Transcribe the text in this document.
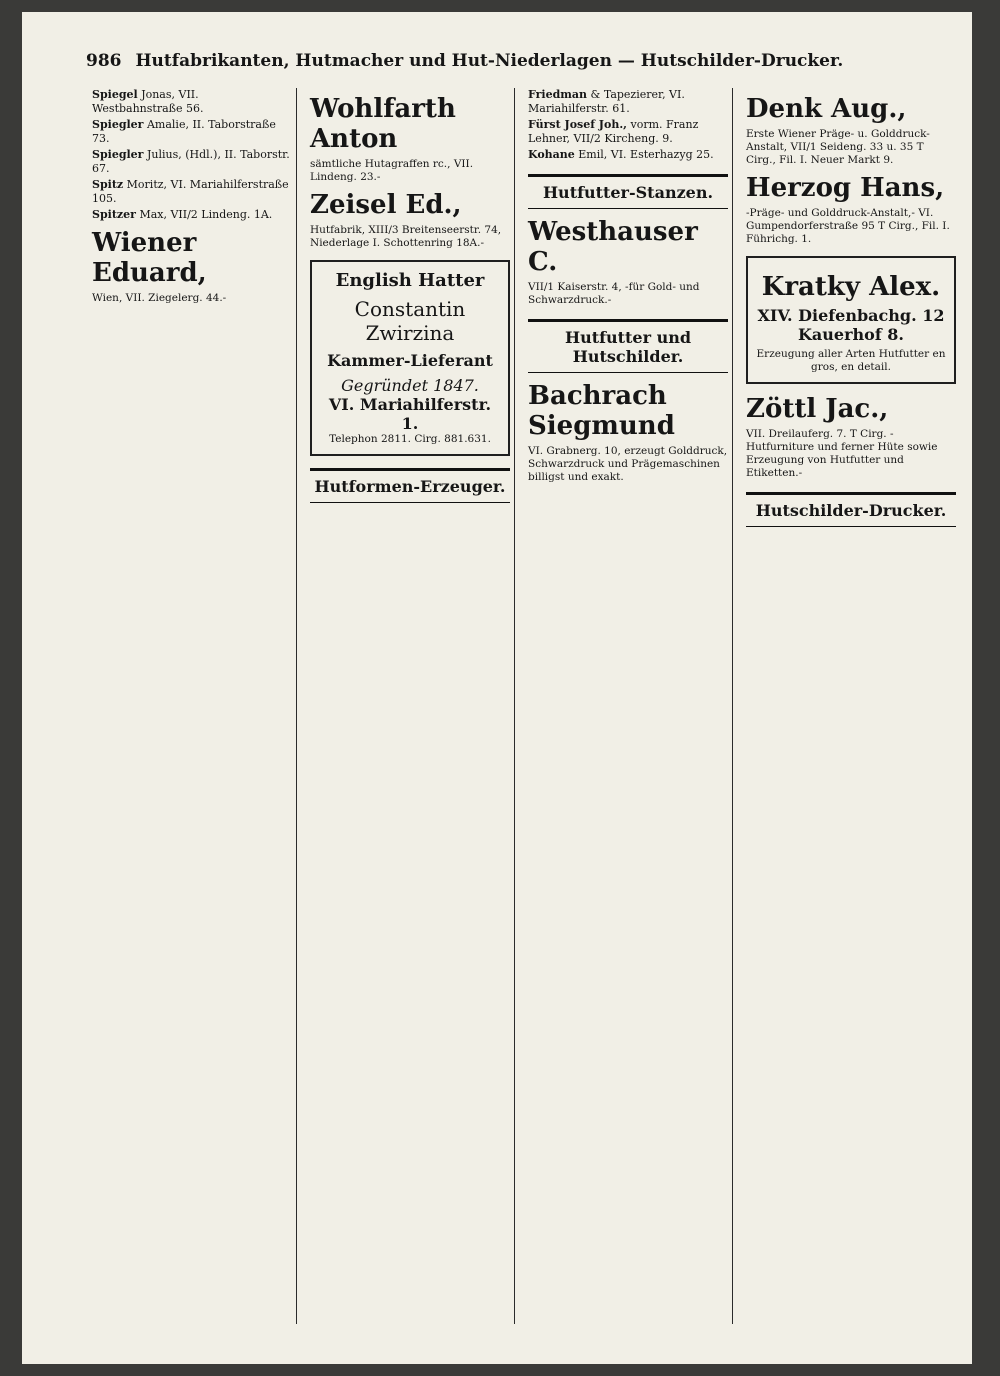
986 Hutfabrikanten, Hutmacher und Hut-Niederlagen — Hutschilder-Drucker.
Spiegel Jonas, VII. Westbahnstraße 56.
Spiegler Amalie, II. Taborstraße 73.
Spiegler Julius, (Hdl.), II. Taborstr. 67.
Spitz Moritz, VI. Mariahilferstraße 105.
Spitzer Max, VII/2 Lindeng. 1A.
Wiener Eduard,
Wien, VII. Ziegelerg. 44.-
Wohlfarth Anton
sämtliche Hutagraffen rc., VII. Lindeng. 23.-
Zeisel Ed.,
Hutfabrik, XIII/3 Breitenseerstr. 74, Niederlage I. Schottenring 18A.-
English Hatter
Constantin Zwirzina
Kammer-Lieferant
Gegründet 1847.
VI. Mariahilferstr. 1.
Telephon 2811. Cirg. 881.631.
Hutformen-Erzeuger.
Friedman & Tapezierer, VI. Mariahilferstr. 61.
Fürst Josef Joh., vorm. Franz Lehner, VII/2 Kircheng. 9.
Kohane Emil, VI. Esterhazyg 25.
Hutfutter-Stanzen.
Westhauser C.
VII/1 Kaiserstr. 4, -für Gold- und Schwarzdruck.-
Hutfutter und Hutschilder.
Bachrach Siegmund
VI. Grabnerg. 10, erzeugt Golddruck, Schwarzdruck und Prägemaschinen billigst und exakt.
Denk Aug.,
Erste Wiener Präge- u. Golddruck-Anstalt, VII/1 Seideng. 33 u. 35 T Cirg., Fil. I. Neuer Markt 9.
Herzog Hans,
-Präge- und Golddruck-Anstalt,- VI. Gumpendorferstraße 95 T Cirg., Fil. I. Führichg. 1.
Kratky Alex.
XIV. Diefenbachg. 12 Kauerhof 8.
Erzeugung aller Arten Hutfutter en gros, en detail.
Zöttl Jac.,
VII. Dreilauferg. 7. T Cirg. -Hutfurniture und ferner Hüte sowie Erzeugung von Hutfutter und Etiketten.-
Hutschilder-Drucker.
